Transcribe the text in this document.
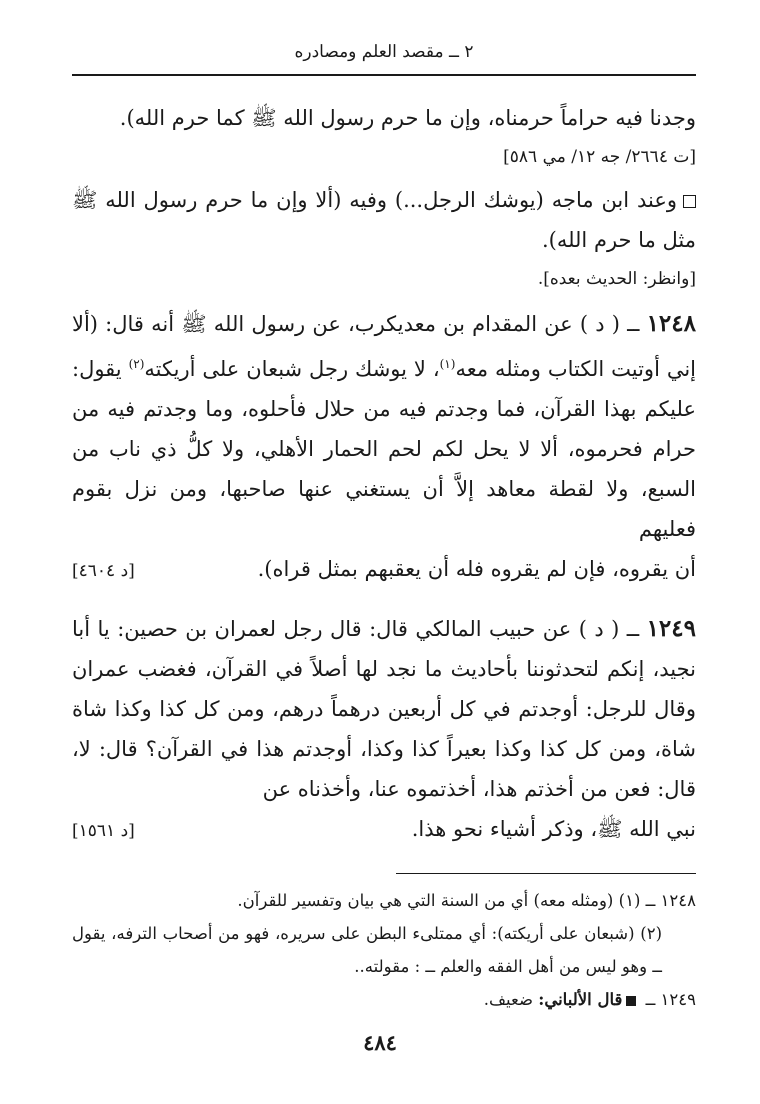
٢ ــ مقصد العلم ومصادره

وجدنا فيه حراماً حرمناه، وإن ما حرم رسول الله ﷺ كما حرم الله).

[ت ٢٦٦٤/ جه ١٢/ مي ٥٨٦]

وعند ابن ماجه (يوشك الرجل...) وفيه (ألا وإن ما حرم رسول الله ﷺ مثل ما حرم الله).

[وانظر: الحديث بعده].

١٢٤٨ ــ ( د ) عن المقدام بن معديكرب، عن رسول الله ﷺ أنه قال: (ألا إني أوتيت الكتاب ومثله معه$^{(١)}$، لا يوشك رجل شبعان على أريكته$^{(٢)}$ يقول: عليكم بهذا القرآن، فما وجدتم فيه من حلال فأحلوه، وما وجدتم فيه من حرام فحرموه، ألا لا يحل لكم لحم الحمار الأهلي، ولا كلُّ ذي ناب من السبع، ولا لقطة معاهد إلاَّ أن يستغني عنها صاحبها، ومن نزل بقوم فعليهم

أن يقروه، فإن لم يقروه فله أن يعقبهم بمثل قراه).
[د ٤٦٠٤]

١٢٤٩ ــ ( د ) عن حبيب المالكي قال: قال رجل لعمران بن حصين: يا أبا نجيد، إنكم لتحدثوننا بأحاديث ما نجد لها أصلاً في القرآن، فغضب عمران وقال للرجل: أوجدتم في كل أربعين درهماً درهم، ومن كل كذا وكذا شاة شاة، ومن كل كذا وكذا بعيراً كذا وكذا، أوجدتم هذا في القرآن؟ قال: لا، قال: فعن من أخذتم هذا، أخذتموه عنا، وأخذناه عن

نبي الله ﷺ، وذكر أشياء نحو هذا.
[د ١٥٦١]

١٢٤٨ ــ (١) (ومثله معه) أي من السنة التي هي بيان وتفسير للقرآن.

(٢) (شبعان على أريكته): أي ممتلىء البطن على سريره، فهو من أصحاب الترفه، يقول ــ وهو ليس من أهل الفقه والعلم ــ : مقولته..

١٢٤٩ ــ قال الألباني: ضعيف.

٤٨٤
